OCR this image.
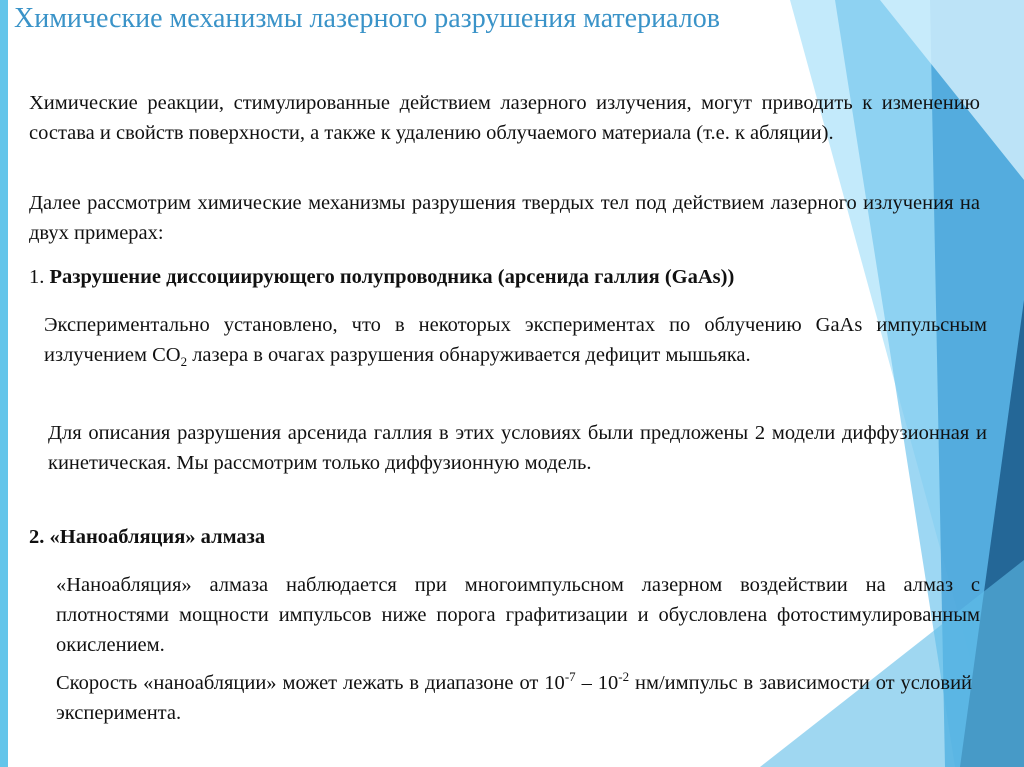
Химические механизмы лазерного разрушения материалов
Химические реакции, стимулированные действием лазерного излучения, могут приводить к изменению состава и свойств поверхности, а также к удалению облучаемого материала (т.е. к абляции).
Далее рассмотрим химические механизмы разрушения твердых тел под действием лазерного излучения на двух примерах:
1. Разрушение диссоциирующего полупроводника (арсенида галлия (GaAs))
Экспериментально установлено, что в некоторых экспериментах по облучению GaAs импульсным излучением $CO_2$ лазера в очагах разрушения обнаруживается дефицит мышьяка.
Для описания разрушения арсенида галлия в этих условиях были предложены 2 модели диффузионная и кинетическая. Мы рассмотрим только диффузионную модель.
2. «Наноабляция» алмаза
«Наноабляция» алмаза наблюдается при многоимпульсном лазерном воздействии на алмаз с плотностями мощности импульсов ниже порога графитизации и обусловлена фотостимулированным окислением.
Скорость «наноабляции» может лежать в диапазоне от $10^{-7} - 10^{-2}$ нм/импульс в зависимости от условий эксперимента.
